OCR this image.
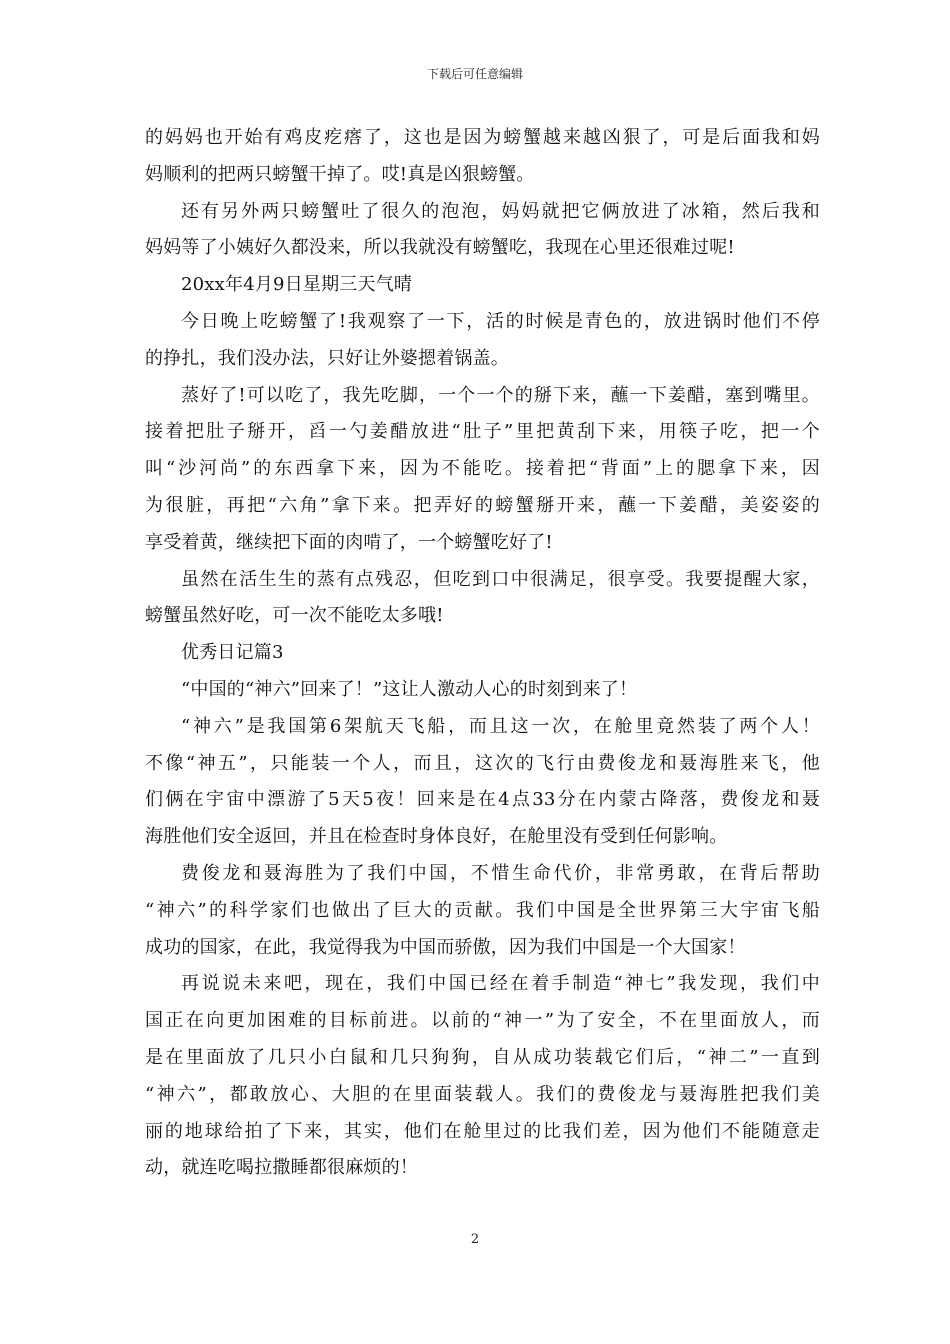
下载后可任意编辑
的妈妈也开始有鸡皮疙瘩了，这也是因为螃蟹越来越凶狠了，可是后面我和妈
妈顺利的把两只螃蟹干掉了。哎!真是凶狠螃蟹。
还有另外两只螃蟹吐了很久的泡泡，妈妈就把它俩放进了冰箱，然后我和
妈妈等了小姨好久都没来，所以我就没有螃蟹吃，我现在心里还很难过呢!
20xx年4月9日星期三天气晴
今日晚上吃螃蟹了!我观察了一下，活的时候是青色的，放进锅时他们不停
的挣扎，我们没办法，只好让外婆摁着锅盖。
蒸好了!可以吃了，我先吃脚，一个一个的掰下来，蘸一下姜醋，塞到嘴里。
接着把肚子掰开，舀一勺姜醋放进“肚子”里把黄刮下来，用筷子吃，把一个
叫“沙河尚”的东西拿下来，因为不能吃。接着把“背面”上的腮拿下来，因
为很脏，再把“六角”拿下来。把弄好的螃蟹掰开来，蘸一下姜醋，美姿姿的
享受着黄，继续把下面的肉啃了，一个螃蟹吃好了!
虽然在活生生的蒸有点残忍，但吃到口中很满足，很享受。我要提醒大家，
螃蟹虽然好吃，可一次不能吃太多哦!
优秀日记篇3
“中国的“神六”回来了！”这让人激动人心的时刻到来了！
“神六”是我国第6架航天飞船，而且这一次，在舱里竟然装了两个人！
不像“神五”，只能装一个人，而且，这次的飞行由费俊龙和聂海胜来飞，他
们俩在宇宙中漂游了5天5夜！回来是在4点33分在内蒙古降落，费俊龙和聂
海胜他们安全返回，并且在检查时身体良好，在舱里没有受到任何影响。
费俊龙和聂海胜为了我们中国，不惜生命代价，非常勇敢，在背后帮助
“神六”的科学家们也做出了巨大的贡献。我们中国是全世界第三大宇宙飞船
成功的国家，在此，我觉得我为中国而骄傲，因为我们中国是一个大国家！
再说说未来吧，现在，我们中国已经在着手制造“神七”我发现，我们中
国正在向更加困难的目标前进。以前的“神一”为了安全，不在里面放人，而
是在里面放了几只小白鼠和几只狗狗，自从成功装载它们后，“神二”一直到
“神六”，都敢放心、大胆的在里面装载人。我们的费俊龙与聂海胜把我们美
丽的地球给拍了下来，其实，他们在舱里过的比我们差，因为他们不能随意走
动，就连吃喝拉撒睡都很麻烦的！
2
